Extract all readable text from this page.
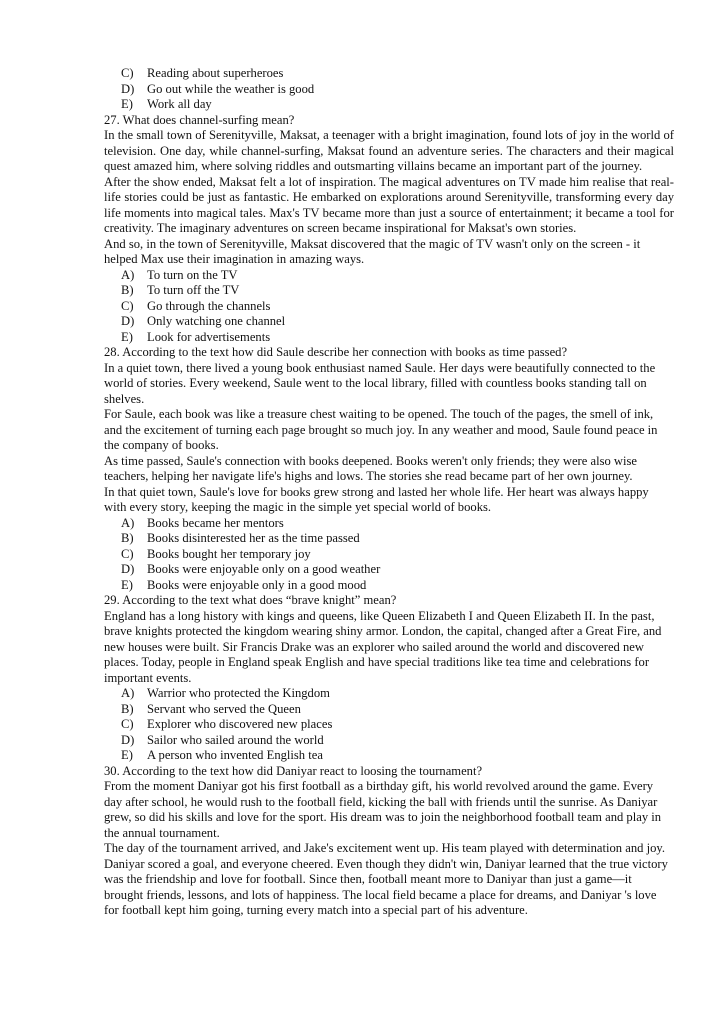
C)	Reading about superheroes
D)	Go out while the weather is good
E)	Work all day
27. What does channel-surfing mean?
In the small town of Serenityville, Maksat, a teenager with a bright imagination, found lots of joy in the world of television. One day, while channel-surfing, Maksat found an adventure series. The characters and their magical quest amazed him, where solving riddles and outsmarting villains became an important part of the journey.
After the show ended, Maksat felt a lot of inspiration. The magical adventures on TV made him realise that real-life stories could be just as fantastic. He embarked on explorations around Serenityville, transforming every day life moments into magical tales. Max's TV became more than just a source of entertainment; it became a tool for creativity. The imaginary adventures on screen became inspirational for Maksat's own stories.
And so, in the town of Serenityville, Maksat discovered that the magic of TV wasn't only on the screen - it helped Max use their imagination in amazing ways.
A)	To turn on the TV
B)	To turn off the TV
C)	Go through the channels
D)	Only watching one channel
E)	Look for advertisements
28. According to the text how did Saule describe her connection with books as time passed?
In a quiet town, there lived a young book enthusiast named Saule. Her days were beautifully connected to the world of stories. Every weekend, Saule went to the local library, filled with countless books standing tall on shelves.
For Saule, each book was like a treasure chest waiting to be opened. The touch of the pages, the smell of ink, and the excitement of turning each page brought so much joy. In any weather and mood, Saule found peace in the company of books.
As time passed, Saule's connection with books deepened. Books weren't only friends; they were also wise teachers, helping her navigate life's highs and lows. The stories she read became part of her own journey.
In that quiet town, Saule's love for books grew strong and lasted her whole life. Her heart was always happy with every story, keeping the magic in the simple yet special world of books.
A)	Books became her mentors
B)	Books disinterested her as the time passed
C)	Books bought her temporary joy
D)	Books were enjoyable only on a good weather
E)	Books were enjoyable only in a good mood
29. According to the text what does “brave knight” mean?
England has a long history with kings and queens, like Queen Elizabeth I and Queen Elizabeth II. In the past, brave knights protected the kingdom wearing shiny armor. London, the capital, changed after a Great Fire, and new houses were built. Sir Francis Drake was an explorer who sailed around the world and discovered new places. Today, people in England speak English and have special traditions like tea time and celebrations for important events.
A)	Warrior who protected the Kingdom
B)	Servant who served the Queen
C)	Explorer who discovered new places
D)	Sailor who sailed around the world
E)	A person who invented English tea
30. According to the text how did Daniyar react to loosing the tournament?
From the moment Daniyar got his first football as a birthday gift, his world revolved around the game. Every day after school, he would rush to the football field, kicking the ball with friends until the sunrise. As Daniyar grew, so did his skills and love for the sport. His dream was to join the neighborhood football team and play in the annual tournament.
The day of the tournament arrived, and Jake's excitement went up. His team played with determination and joy. Daniyar scored a goal, and everyone cheered. Even though they didn't win, Daniyar learned that the true victory was the friendship and love for football. Since then, football meant more to Daniyar than just a game—it brought friends, lessons, and lots of happiness. The local field became a place for dreams, and Daniyar 's love for football kept him going, turning every match into a special part of his adventure.
